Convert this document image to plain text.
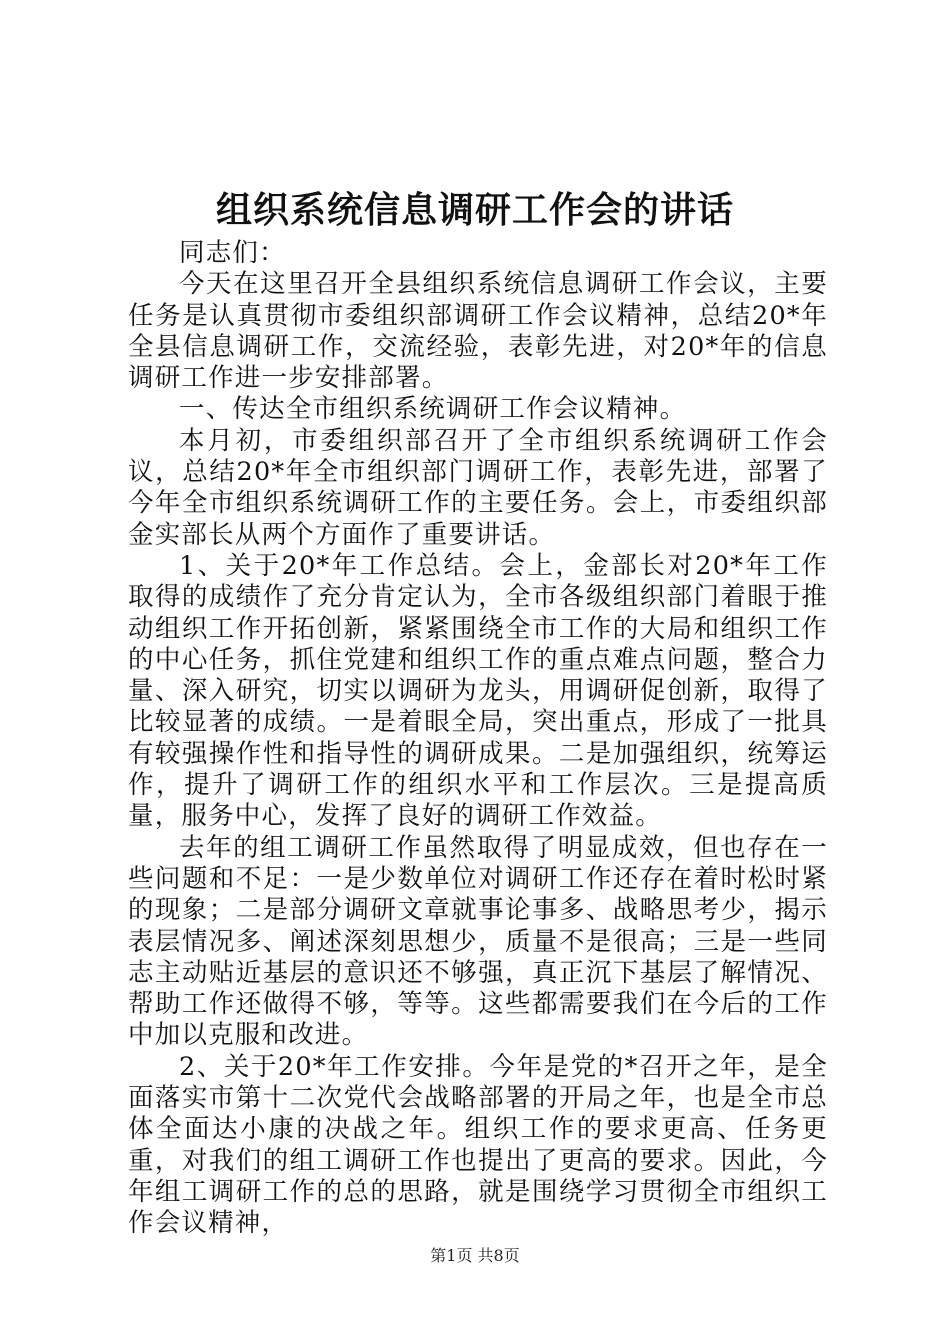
组织系统信息调研工作会的讲话

同志们：

今天在这里召开全县组织系统信息调研工作会议，主要任务是认真贯彻市委组织部调研工作会议精神，总结20*年全县信息调研工作，交流经验，表彰先进，对20*年的信息调研工作进一步安排部署。

一、传达全市组织系统调研工作会议精神。

本月初，市委组织部召开了全市组织系统调研工作会议，总结20*年全市组织部门调研工作，表彰先进，部署了今年全市组织系统调研工作的主要任务。会上，市委组织部金实部长从两个方面作了重要讲话。

1、关于20*年工作总结。会上，金部长对20*年工作取得的成绩作了充分肯定认为，全市各级组织部门着眼于推动组织工作开拓创新，紧紧围绕全市工作的大局和组织工作的中心任务，抓住党建和组织工作的重点难点问题，整合力量、深入研究，切实以调研为龙头，用调研促创新，取得了比较显著的成绩。一是着眼全局，突出重点，形成了一批具有较强操作性和指导性的调研成果。二是加强组织，统筹运作，提升了调研工作的组织水平和工作层次。三是提高质量，服务中心，发挥了良好的调研工作效益。

去年的组工调研工作虽然取得了明显成效，但也存在一些问题和不足：一是少数单位对调研工作还存在着时松时紧的现象；二是部分调研文章就事论事多、战略思考少，揭示表层情况多、阐述深刻思想少，质量不是很高；三是一些同志主动贴近基层的意识还不够强，真正沉下基层了解情况、帮助工作还做得不够，等等。这些都需要我们在今后的工作中加以克服和改进。

2、关于20*年工作安排。今年是党的*召开之年，是全面落实市第十二次党代会战略部署的开局之年，也是全市总体全面达小康的决战之年。组织工作的要求更高、任务更重，对我们的组工调研工作也提出了更高的要求。因此，今年组工调研工作的总的思路，就是围绕学习贯彻全市组织工作会议精神，

第1页 共8页
